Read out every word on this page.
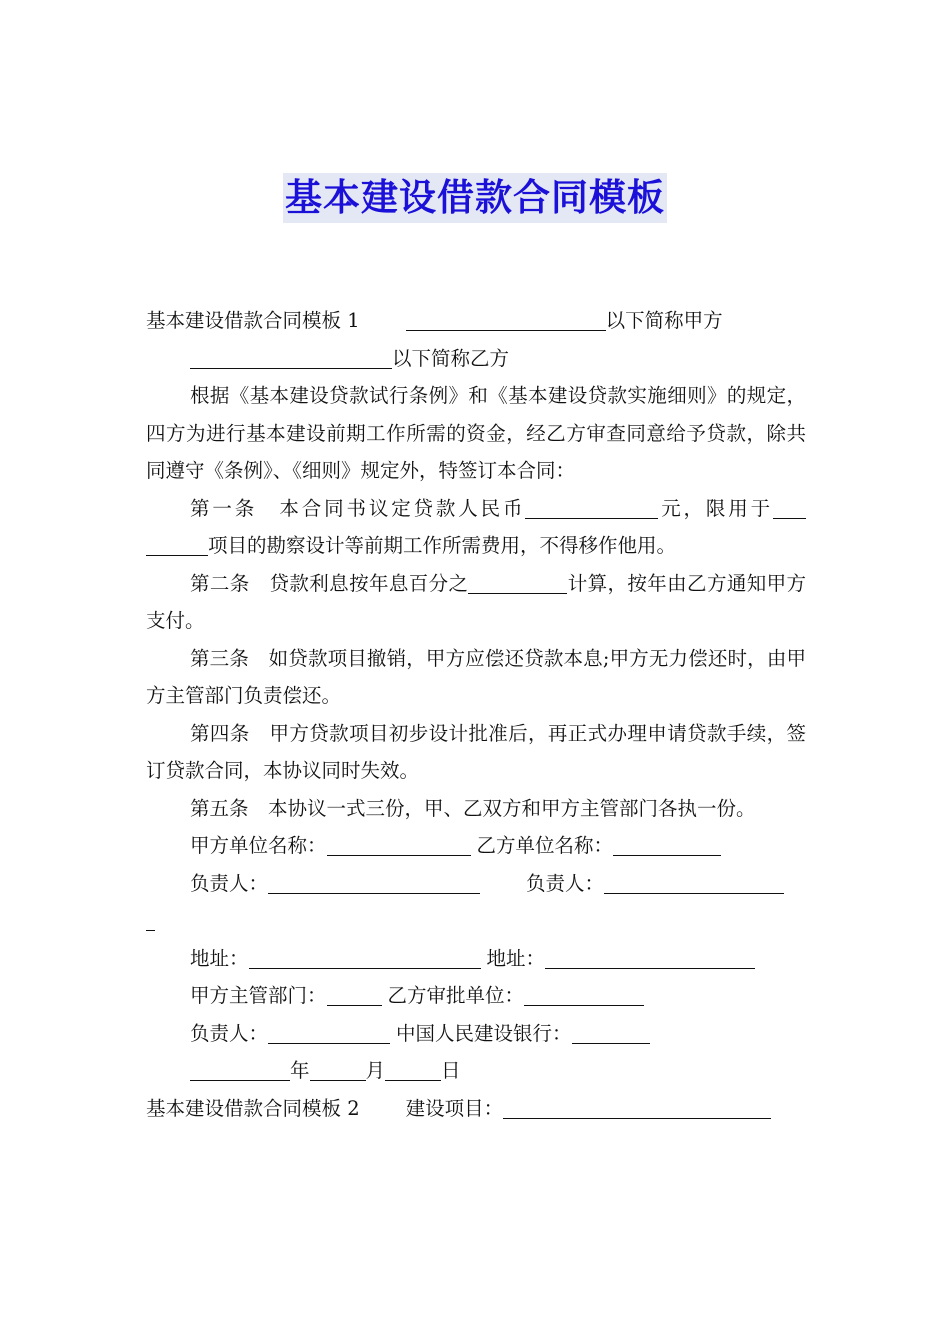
基本建设借款合同模板
基本建设借款合同模板 1	以下简称甲方
以下简称乙方

根据《基本建设贷款试行条例》和《基本建设贷款实施细则》的规定，四方为进行基本建设前期工作所需的资金，经乙方审查同意给予贷款，除共同遵守《条例》、《细则》规定外，特签订本合同：

第一条　本合同书议定贷款人民币	元，限用于项目的勘察设计等前期工作所需费用，不得移作他用。

第二条　贷款利息按年息百分之	计算，按年由乙方通知甲方支付。

第三条　如贷款项目撤销，甲方应偿还贷款本息;甲方无力偿还时，由甲方主管部门负责偿还。

第四条　甲方贷款项目初步设计批准后，再正式办理申请贷款手续，签订贷款合同，本协议同时失效。

第五条　本协议一式三份，甲、乙双方和甲方主管部门各执一份。

甲方单位名称：	乙方单位名称：
负责人：	负责人：
地址：	地址：
甲方主管部门：	乙方审批单位：
负责人：	中国人民建设银行：
年	月	日
基本建设借款合同模板 2 建设项目：
